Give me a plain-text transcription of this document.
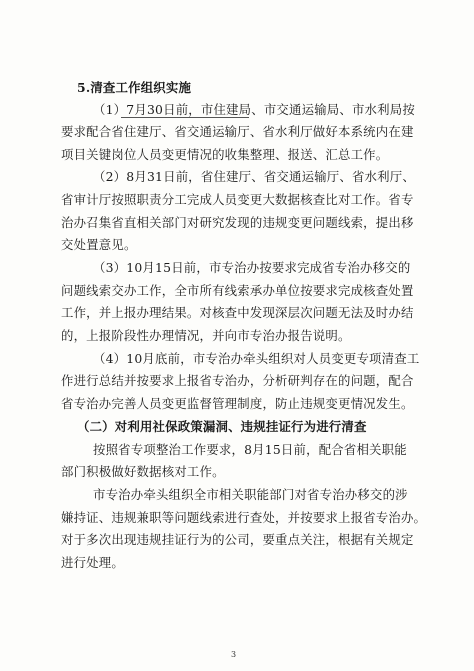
5.清查工作组织实施
（1）7月30日前，市住建局、市交通运输局、市水利局按
要求配合省住建厅、省交通运输厅、省水利厅做好本系统内在建
项目关键岗位人员变更情况的收集整理、报送、汇总工作。
（2）8月31日前，省住建厅、省交通运输厅、省水利厅、
省审计厅按照职责分工完成人员变更大数据核查比对工作。省专
治办召集省直相关部门对研究发现的违规变更问题线索，提出移
交处置意见。
（3）10月15日前，市专治办按要求完成省专治办移交的
问题线索交办工作，全市所有线索承办单位按要求完成核查处置
工作，并上报办理结果。对核查中发现深层次问题无法及时办结
的，上报阶段性办理情况，并向市专治办报告说明。
（4）10月底前，市专治办牵头组织对人员变更专项清查工
作进行总结并按要求上报省专治办，分析研判存在的问题，配合
省专治办完善人员变更监督管理制度，防止违规变更情况发生。
（二）对利用社保政策漏洞、违规挂证行为进行清查
按照省专项整治工作要求，8月15日前，配合省相关职能
部门积极做好数据核对工作。
市专治办牵头组织全市相关职能部门对省专治办移交的涉
嫌持证、违规兼职等问题线索进行查处，并按要求上报省专治办。
对于多次出现违规挂证行为的公司，要重点关注，根据有关规定
进行处理。
3
